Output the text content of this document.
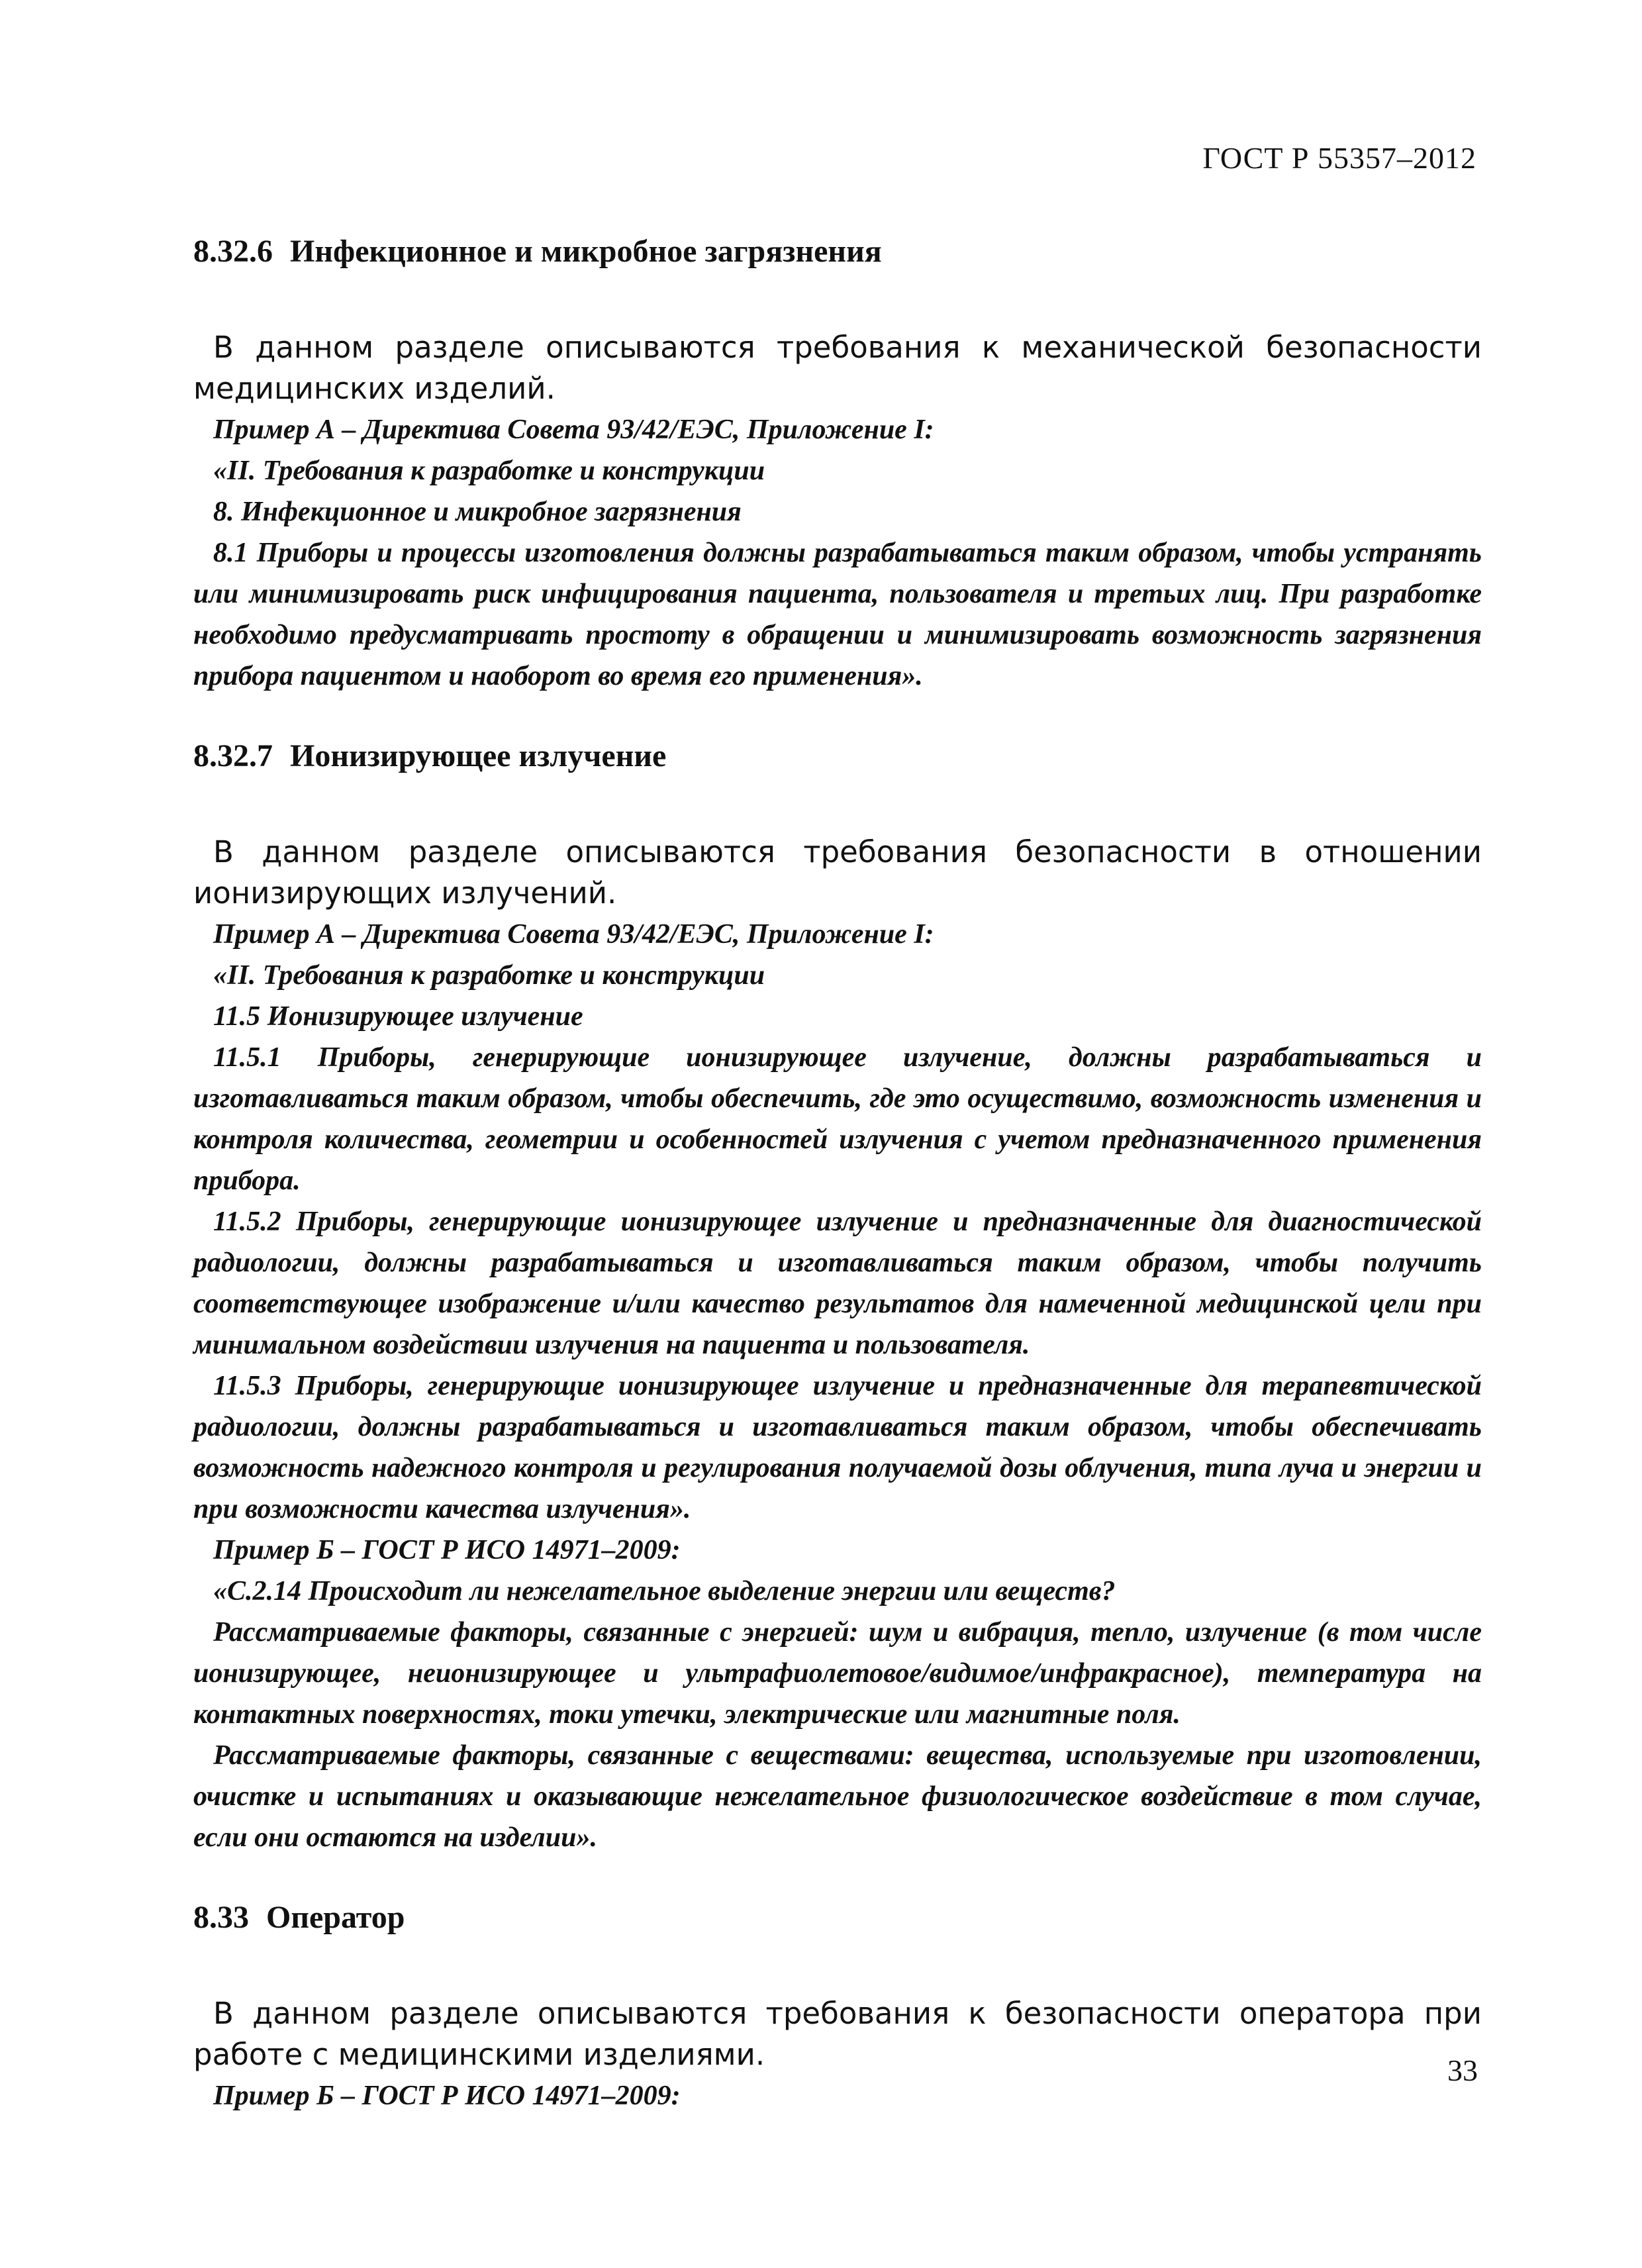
ГОСТ Р 55357–2012
8.32.6 Инфекционное и микробное загрязнения

В данном разделе описываются требования к механической безопасности медицинских изделий.

Пример А – Директива Совета 93/42/ЕЭС, Приложение I:

«II. Требования к разработке и конструкции

8. Инфекционное и микробное загрязнения

8.1 Приборы и процессы изготовления должны разрабатываться таким образом, чтобы устранять или минимизировать риск инфицирования пациента, пользователя и третьих лиц. При разработке необходимо предусматривать простоту в обращении и минимизировать возможность загрязнения прибора пациентом и наоборот во время его применения».

8.32.7 Ионизирующее излучение

В данном разделе описываются требования безопасности в отношении ионизирующих излучений.

Пример А – Директива Совета 93/42/ЕЭС, Приложение I:

«II. Требования к разработке и конструкции

11.5 Ионизирующее излучение

11.5.1 Приборы, генерирующие ионизирующее излучение, должны разрабатываться и изготавливаться таким образом, чтобы обеспечить, где это осуществимо, возможность изменения и контроля количества, геометрии и особенностей излучения с учетом предназначенного применения прибора.

11.5.2 Приборы, генерирующие ионизирующее излучение и предназначенные для диагностической радиологии, должны разрабатываться и изготавливаться таким образом, чтобы получить соответствующее изображение и/или качество результатов для намеченной медицинской цели при минимальном воздействии излучения на пациента и пользователя.

11.5.3 Приборы, генерирующие ионизирующее излучение и предназначенные для терапевтической радиологии, должны разрабатываться и изготавливаться таким образом, чтобы обеспечивать возможность надежного контроля и регулирования получаемой дозы облучения, типа луча и энергии и при возможности качества излучения».

Пример Б – ГОСТ Р ИСО 14971–2009:

«С.2.14 Происходит ли нежелательное выделение энергии или веществ?

Рассматриваемые факторы, связанные с энергией: шум и вибрация, тепло, излучение (в том числе ионизирующее, неионизирующее и ультрафиолетовое/видимое/инфракрасное), температура на контактных поверхностях, токи утечки, электрические или магнитные поля.

Рассматриваемые факторы, связанные с веществами: вещества, используемые при изготовлении, очистке и испытаниях и оказывающие нежелательное физиологическое воздействие в том случае, если они остаются на изделии».

8.33 Оператор

В данном разделе описываются требования к безопасности оператора при работе с медицинскими изделиями.

Пример Б – ГОСТ Р ИСО 14971–2009:

33
